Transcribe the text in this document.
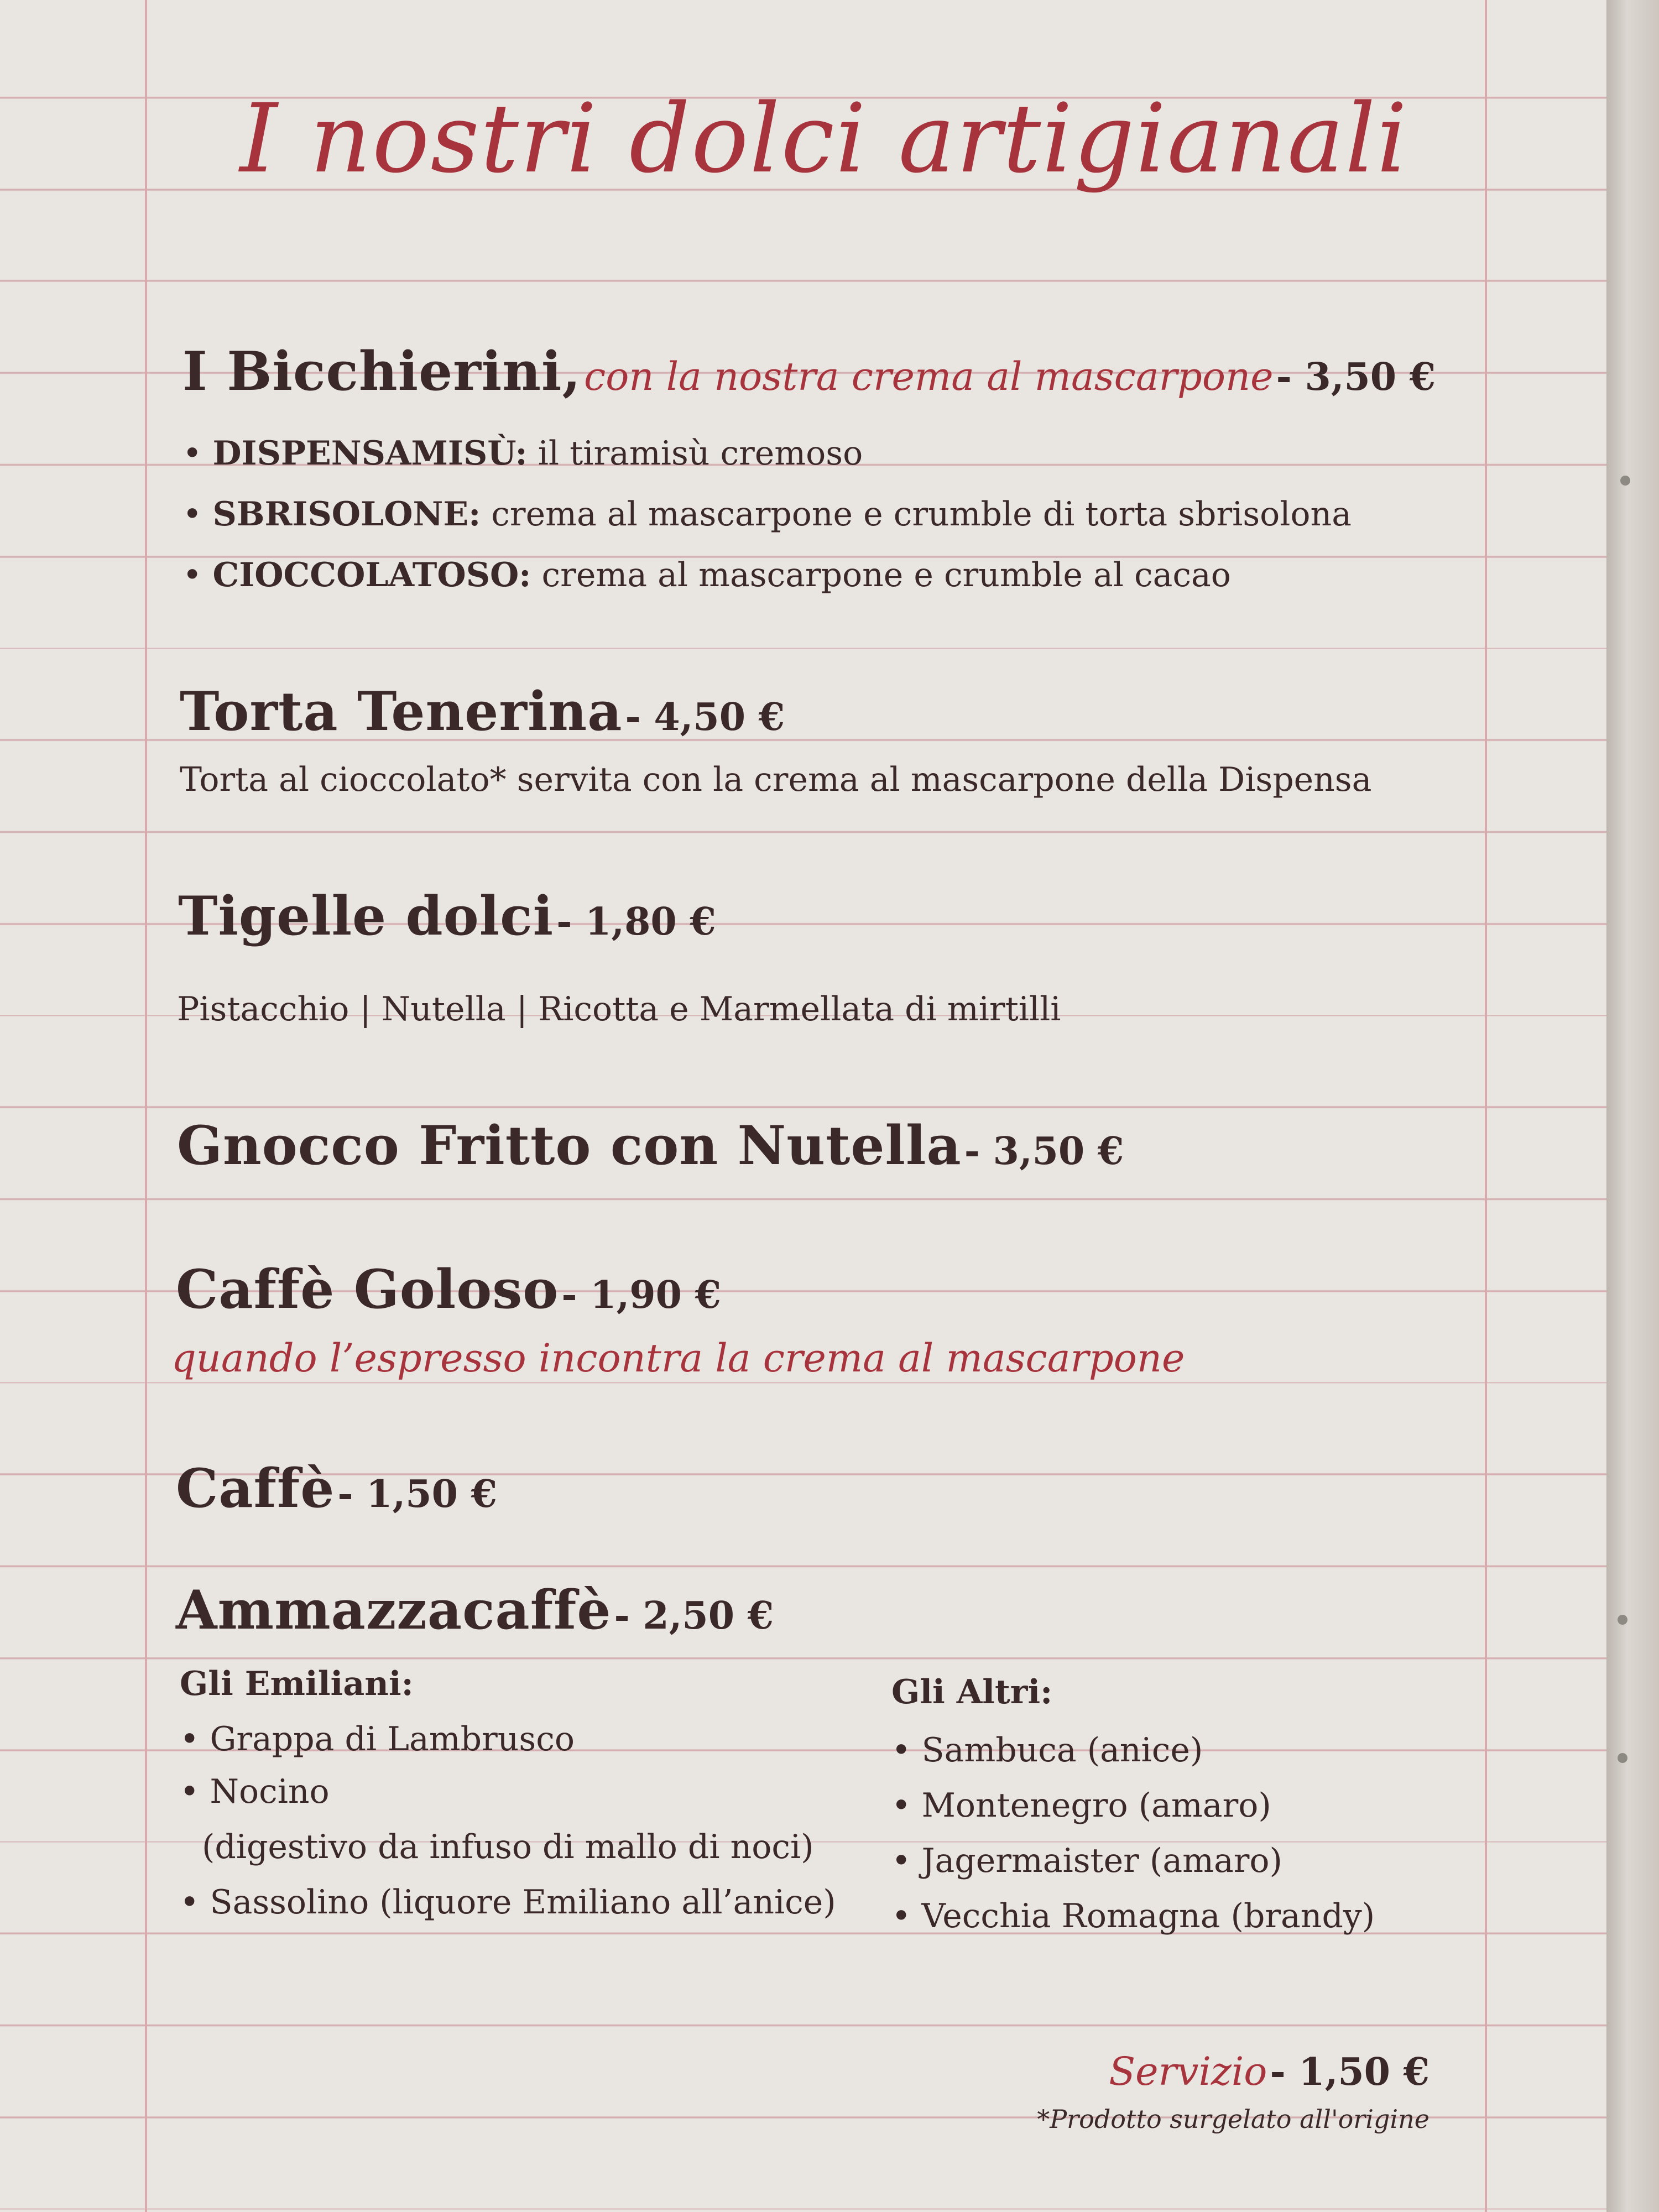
I nostri dolci artigianali
I Bicchierini, con la nostra crema al mascarpone - 3,50 €
• DISPENSAMISÙ: il tiramisù cremoso
• SBRISOLONE: crema al mascarpone e crumble di torta sbrisolona
• CIOCCOLATOSO: crema al mascarpone e crumble al cacao
Torta Tenerina - 4,50 €
Torta al cioccolato* servita con la crema al mascarpone della Dispensa
Tigelle dolci - 1,80 €
Pistacchio | Nutella | Ricotta e Marmellata di mirtilli
Gnocco Fritto con Nutella - 3,50 €
Caffè Goloso - 1,90 €
quando l’espresso incontra la crema al mascarpone
Caffè - 1,50 €
Ammazzacaffè - 2,50 €
Gli Emiliani:
• Grappa di Lambrusco
• Nocino
(digestivo da infuso di mallo di noci)
• Sassolino (liquore Emiliano all’anice)
Gli Altri:
• Sambuca (anice)
• Montenegro (amaro)
• Jagermaister (amaro)
• Vecchia Romagna (brandy)
Servizio - 1,50 €
*Prodotto surgelato all'origine
